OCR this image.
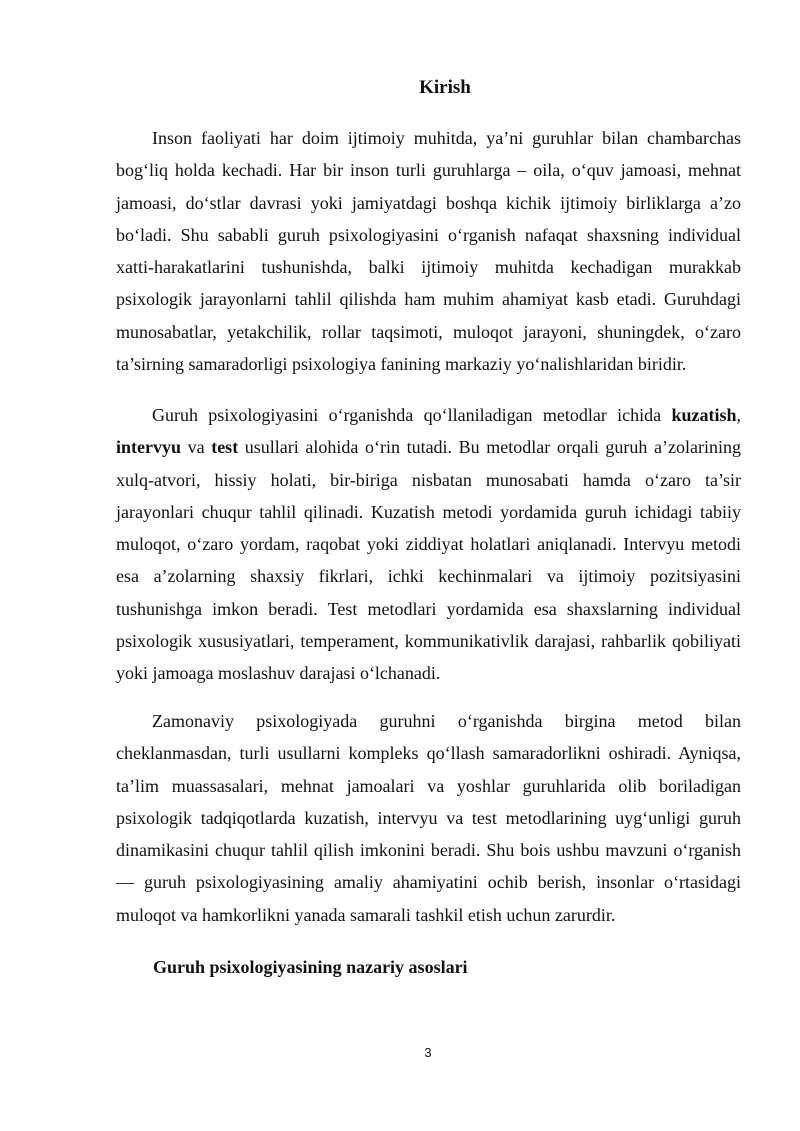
Kirish

Inson faoliyati har doim ijtimoiy muhitda, ya’ni guruhlar bilan chambarchas bog‘liq holda kechadi. Har bir inson turli guruhlarga – oila, o‘quv jamoasi, mehnat jamoasi, do‘stlar davrasi yoki jamiyatdagi boshqa kichik ijtimoiy birliklarga a’zo bo‘ladi. Shu sababli guruh psixologiyasini o‘rganish nafaqat shaxsning individual xatti-harakatlarini tushunishda, balki ijtimoiy muhitda kechadigan murakkab psixologik jarayonlarni tahlil qilishda ham muhim ahamiyat kasb etadi. Guruhdagi munosabatlar, yetakchilik, rollar taqsimoti, muloqot jarayoni, shuningdek, o‘zaro ta’sirning samaradorligi psixologiya fanining markaziy yo‘nalishlaridan biridir.

Guruh psixologiyasini o‘rganishda qo‘llaniladigan metodlar ichida kuzatish, intervyu va test usullari alohida o‘rin tutadi. Bu metodlar orqali guruh a’zolarining xulq-atvori, hissiy holati, bir-biriga nisbatan munosabati hamda o‘zaro ta’sir jarayonlari chuqur tahlil qilinadi. Kuzatish metodi yordamida guruh ichidagi tabiiy muloqot, o‘zaro yordam, raqobat yoki ziddiyat holatlari aniqlanadi. Intervyu metodi esa a’zolarning shaxsiy fikrlari, ichki kechinmalari va ijtimoiy pozitsiyasini tushunishga imkon beradi. Test metodlari yordamida esa shaxslarning individual psixologik xususiyatlari, temperament, kommunikativlik darajasi, rahbarlik qobiliyati yoki jamoaga moslashuv darajasi o‘lchanadi.

Zamonaviy psixologiyada guruhni o‘rganishda birgina metod bilan cheklanmasdan, turli usullarni kompleks qo‘llash samaradorlikni oshiradi. Ayniqsa, ta’lim muassasalari, mehnat jamoalari va yoshlar guruhlarida olib boriladigan psixologik tadqiqotlarda kuzatish, intervyu va test metodlarining uyg‘unligi guruh dinamikasini chuqur tahlil qilish imkonini beradi. Shu bois ushbu mavzuni o‘rganish — guruh psixologiyasining amaliy ahamiyatini ochib berish, insonlar o‘rtasidagi muloqot va hamkorlikni yanada samarali tashkil etish uchun zarurdir.

Guruh psixologiyasining nazariy asoslari
3
